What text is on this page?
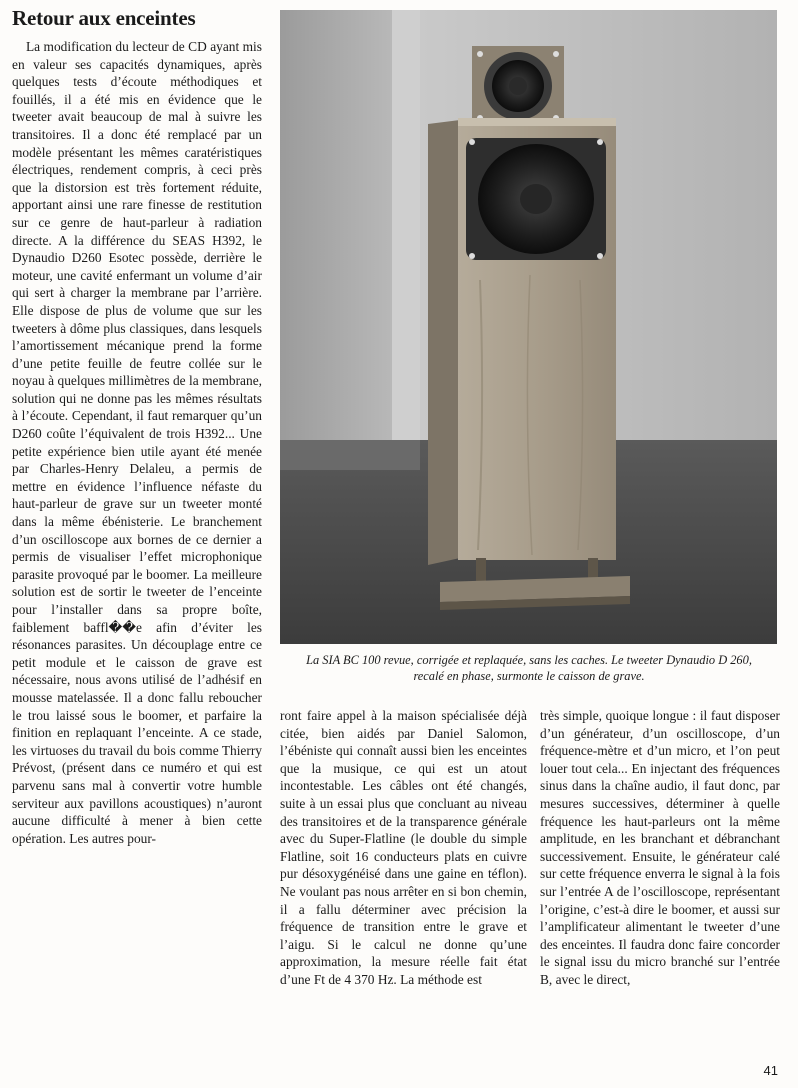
Retour aux enceintes

La modification du lecteur de CD ayant mis en valeur ses capacités dynamiques, après quelques tests d’écoute méthodiques et fouillés, il a été mis en évidence que le tweeter avait beaucoup de mal à suivre les transitoires. Il a donc été remplacé par un modèle présentant les mêmes caratéristiques électriques, rendement compris, à ceci près que la distorsion est très fortement réduite, apportant ainsi une rare finesse de restitution sur ce genre de haut-parleur à radiation directe. A la différence du SEAS H392, le Dynaudio D260 Esotec possède, derrière le moteur, une cavité enfermant un volume d’air qui sert à charger la membrane par l’arrière. Elle dispose de plus de volume que sur les tweeters à dôme plus classiques, dans lesquels l’amortissement mécanique prend la forme d’une petite feuille de feutre collée sur le noyau à quelques millimètres de la membrane, solution qui ne donne pas les mêmes résultats à l’écoute. Cependant, il faut remarquer qu’un D260 coûte l’équivalent de trois H392... Une petite expérience bien utile ayant été menée par Charles-Henry Delaleu, a permis de mettre en évidence l’influence néfaste du haut-parleur de grave sur un tweeter monté dans la même ébénisterie. Le branchement d’un oscilloscope aux bornes de ce dernier a permis de visualiser l’effet microphonique parasite provoqué par le boomer. La meilleure solution est de sortir le tweeter de l’enceinte pour l’installer dans sa propre boîte, faiblement baffl��e afin d’éviter les résonances parasites. Un découplage entre ce petit module et le caisson de grave est nécessaire, nous avons utilisé de l’adhésif en mousse matelassée. Il a donc fallu reboucher le trou laissé sous le boomer, et parfaire la finition en replaquant l’enceinte. A ce stade, les virtuoses du travail du bois comme Thierry Prévost, (présent dans ce numéro et qui est parvenu sans mal à convertir votre humble serviteur aux pavillons acoustiques) n’auront aucune difficulté à mener à bien cette opération. Les autres pour-

La SIA BC 100 revue, corrigée et replaquée, sans les caches. Le tweeter Dynaudio D 260, recalé en phase, surmonte le caisson de grave.

ront faire appel à la maison spécialisée déjà citée, bien aidés par Daniel Salomon, l’ébéniste qui connaît aussi bien les enceintes que la musique, ce qui est un atout incontestable. Les câbles ont été changés, suite à un essai plus que concluant au niveau des transitoires et de la transparence générale avec du Super-Flatline (le double du simple Flatline, soit 16 conducteurs plats en cuivre pur désoxygénéisé dans une gaine en téflon). Ne voulant pas nous arrêter en si bon chemin, il a fallu déterminer avec précision la fréquence de transition entre le grave et l’aigu. Si le calcul ne donne qu’une approximation, la mesure réelle fait état d’une Ft de 4 370 Hz. La méthode est

très simple, quoique longue : il faut disposer d’un générateur, d’un oscilloscope, d’un fréquence-mètre et d’un micro, et l’on peut louer tout cela... En injectant des fréquences sinus dans la chaîne audio, il faut donc, par mesures successives, déterminer à quelle fréquence les haut-parleurs ont la même amplitude, en les branchant et débranchant successivement. Ensuite, le générateur calé sur cette fréquence enverra le signal à la fois sur l’entrée A de l’oscilloscope, représentant l’origine, c’est-à dire le boomer, et aussi sur l’amplificateur alimentant le tweeter d’une des enceintes. Il faudra donc faire concorder le signal issu du micro branché sur l’entrée B, avec le direct,

41
